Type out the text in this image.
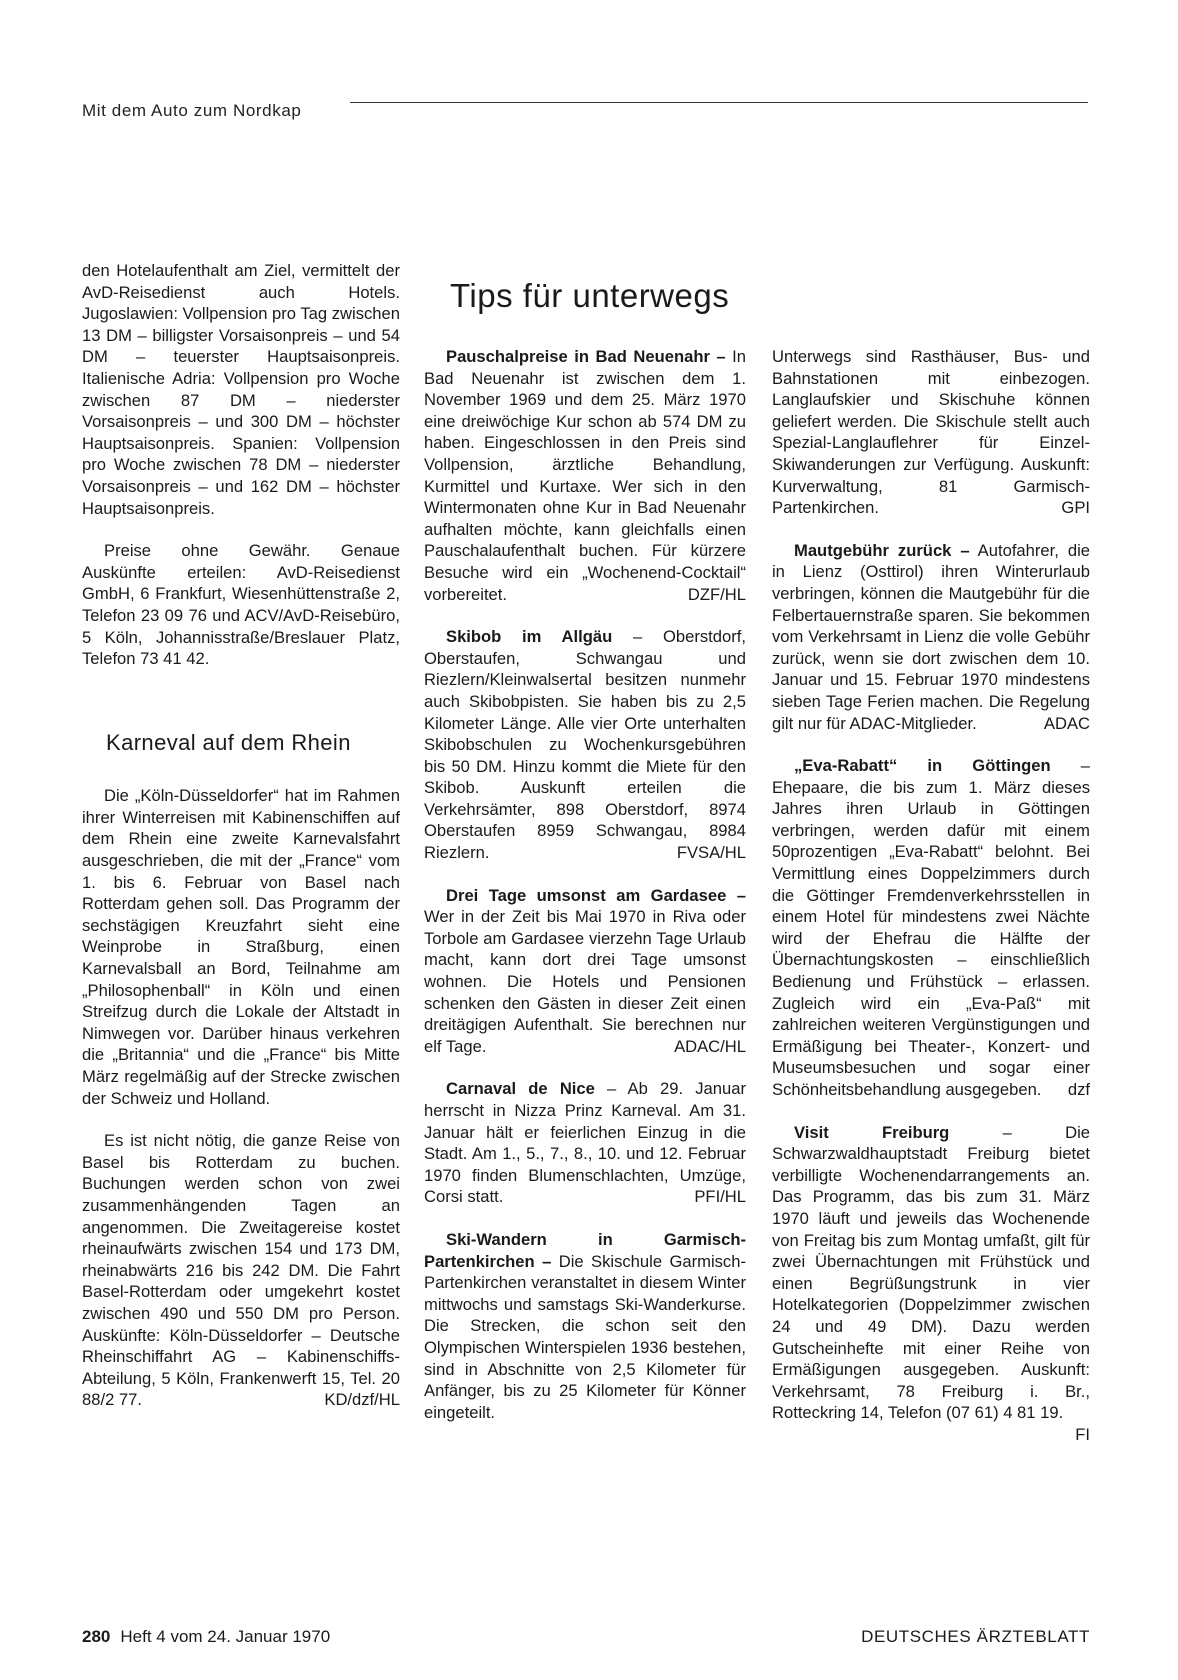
Mit dem Auto zum Nordkap

den Hotelaufenthalt am Ziel, vermittelt der AvD-Reisedienst auch Hotels. Jugoslawien: Vollpension pro Tag zwischen 13 DM – billigster Vorsaisonpreis – und 54 DM – teuerster Hauptsaisonpreis. Italienische Adria: Vollpension pro Woche zwischen 87 DM – niederster Vorsaisonpreis – und 300 DM – höchster Hauptsaisonpreis. Spanien: Vollpension pro Woche zwischen 78 DM – niederster Vorsaisonpreis – und 162 DM – höchster Hauptsaisonpreis.

Preise ohne Gewähr. Genaue Auskünfte erteilen: AvD-Reisedienst GmbH, 6 Frankfurt, Wiesenhüttenstraße 2, Telefon 23 09 76 und ACV/AvD-Reisebüro, 5 Köln, Johannisstraße/Breslauer Platz, Telefon 73 41 42.

Karneval auf dem Rhein

Die „Köln-Düsseldorfer“ hat im Rahmen ihrer Winterreisen mit Kabinenschiffen auf dem Rhein eine zweite Karnevalsfahrt ausgeschrieben, die mit der „France“ vom 1. bis 6. Februar von Basel nach Rotterdam gehen soll. Das Programm der sechstägigen Kreuzfahrt sieht eine Weinprobe in Straßburg, einen Karnevalsball an Bord, Teilnahme am „Philosophenball“ in Köln und einen Streifzug durch die Lokale der Altstadt in Nimwegen vor. Darüber hinaus verkehren die „Britannia“ und die „France“ bis Mitte März regelmäßig auf der Strecke zwischen der Schweiz und Holland.

Es ist nicht nötig, die ganze Reise von Basel bis Rotterdam zu buchen. Buchungen werden schon von zwei zusammenhängenden Tagen an angenommen. Die Zweitagereise kostet rheinaufwärts zwischen 154 und 173 DM, rheinabwärts 216 bis 242 DM. Die Fahrt Basel-Rotterdam oder umgekehrt kostet zwischen 490 und 550 DM pro Person. Auskünfte: Köln-Düsseldorfer – Deutsche Rheinschiffahrt AG – Kabinenschiffs-Abteilung, 5 Köln, Frankenwerft 15, Tel. 20 88/2 77.	KD/dzf/HL

Tips für unterwegs

Pauschalpreise in Bad Neuenahr – In Bad Neuenahr ist zwischen dem 1. November 1969 und dem 25. März 1970 eine dreiwöchige Kur schon ab 574 DM zu haben. Eingeschlossen in den Preis sind Vollpension, ärztliche Behandlung, Kurmittel und Kurtaxe. Wer sich in den Wintermonaten ohne Kur in Bad Neuenahr aufhalten möchte, kann gleichfalls einen Pauschalaufenthalt buchen. Für kürzere Besuche wird ein „Wochenend-Cocktail“ vorbereitet.	DZF/HL

Skibob im Allgäu – Oberstdorf, Oberstaufen, Schwangau und Riezlern/Kleinwalsertal besitzen nunmehr auch Skibobpisten. Sie haben bis zu 2,5 Kilometer Länge. Alle vier Orte unterhalten Skibobschulen zu Wochenkursgebühren bis 50 DM. Hinzu kommt die Miete für den Skibob. Auskunft erteilen die Verkehrsämter, 898 Oberstdorf, 8974 Oberstaufen 8959 Schwangau, 8984 Riezlern.	FVSA/HL

Drei Tage umsonst am Gardasee – Wer in der Zeit bis Mai 1970 in Riva oder Torbole am Gardasee vierzehn Tage Urlaub macht, kann dort drei Tage umsonst wohnen. Die Hotels und Pensionen schenken den Gästen in dieser Zeit einen dreitägigen Aufenthalt. Sie berechnen nur elf Tage.	ADAC/HL

Carnaval de Nice – Ab 29. Januar herrscht in Nizza Prinz Karneval. Am 31. Januar hält er feierlichen Einzug in die Stadt. Am 1., 5., 7., 8., 10. und 12. Februar 1970 finden Blumenschlachten, Umzüge, Corsi statt.	PFI/HL

Ski-Wandern in Garmisch-Partenkirchen – Die Skischule Garmisch-Partenkirchen veranstaltet in diesem Winter mittwochs und samstags Ski-Wanderkurse. Die Strecken, die schon seit den Olympischen Winterspielen 1936 bestehen, sind in Abschnitte von 2,5 Kilometer für Anfänger, bis zu 25 Kilometer für Könner eingeteilt.

Unterwegs sind Rasthäuser, Bus- und Bahnstationen mit einbezogen. Langlaufskier und Skischuhe können geliefert werden. Die Skischule stellt auch Spezial-Langlauflehrer für Einzel-Skiwanderungen zur Verfügung. Auskunft: Kurverwaltung, 81 Garmisch-Partenkirchen.	GPI

Mautgebühr zurück – Autofahrer, die in Lienz (Osttirol) ihren Winterurlaub verbringen, können die Mautgebühr für die Felbertauernstraße sparen. Sie bekommen vom Verkehrsamt in Lienz die volle Gebühr zurück, wenn sie dort zwischen dem 10. Januar und 15. Februar 1970 mindestens sieben Tage Ferien machen. Die Regelung gilt nur für ADAC-Mitglieder.	ADAC

„Eva-Rabatt“ in Göttingen – Ehepaare, die bis zum 1. März dieses Jahres ihren Urlaub in Göttingen verbringen, werden dafür mit einem 50prozentigen „Eva-Rabatt“ belohnt. Bei Vermittlung eines Doppelzimmers durch die Göttinger Fremdenverkehrsstellen in einem Hotel für mindestens zwei Nächte wird der Ehefrau die Hälfte der Übernachtungskosten – einschließlich Bedienung und Frühstück – erlassen. Zugleich wird ein „Eva-Paß“ mit zahlreichen weiteren Vergünstigungen und Ermäßigung bei Theater-, Konzert- und Museumsbesuchen und sogar einer Schönheitsbehandlung ausgegeben.	dzf

Visit Freiburg – Die Schwarzwaldhauptstadt Freiburg bietet verbilligte Wochenendarrangements an. Das Programm, das bis zum 31. März 1970 läuft und jeweils das Wochenende von Freitag bis zum Montag umfaßt, gilt für zwei Übernachtungen mit Frühstück und einen Begrüßungstrunk in vier Hotelkategorien (Doppelzimmer zwischen 24 und 49 DM). Dazu werden Gutscheinhefte mit einer Reihe von Ermäßigungen ausgegeben. Auskunft: Verkehrsamt, 78 Freiburg i. Br., Rotteckring 14, Telefon (07 61) 4 81 19.
FI

280 Heft 4 vom 24. Januar 1970	DEUTSCHES ÄRZTEBLATT
